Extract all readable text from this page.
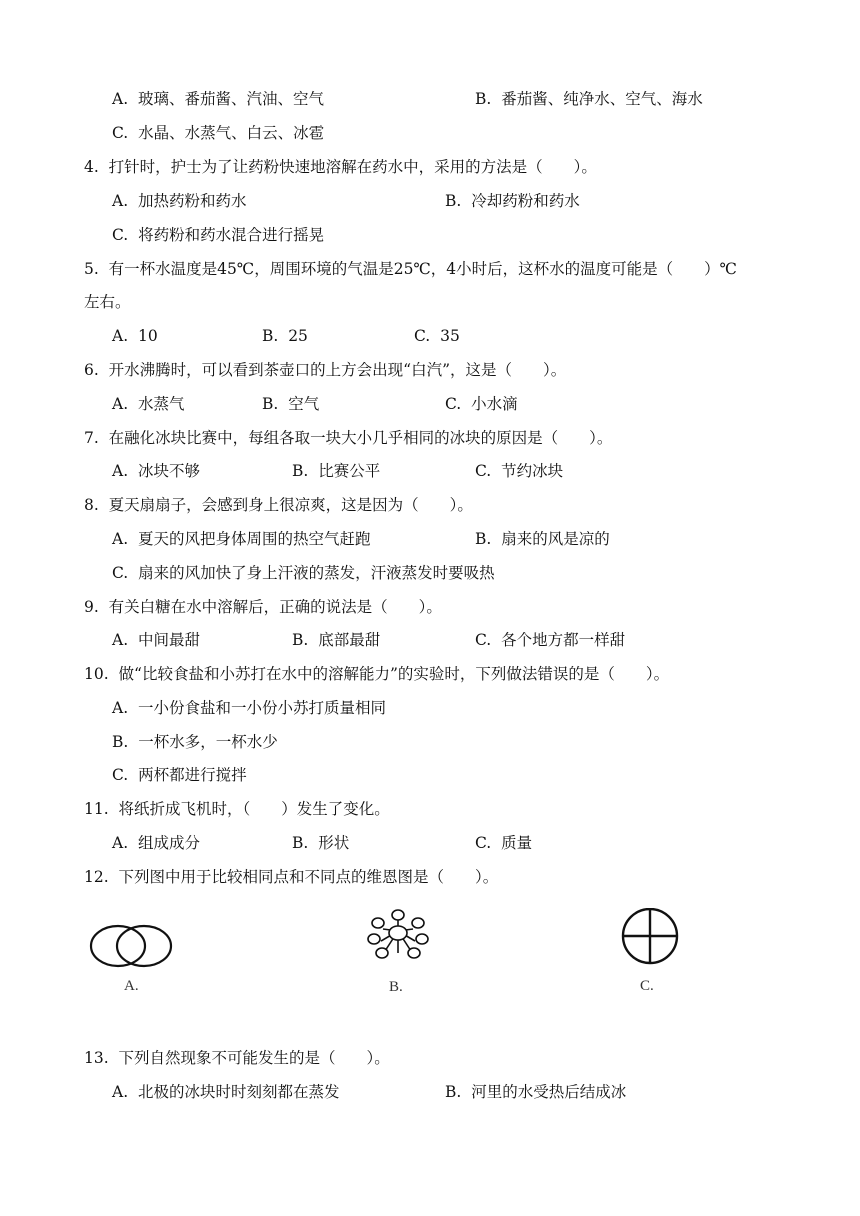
A. 玻璃、番茄酱、汽油、空气	B. 番茄酱、纯净水、空气、海水
C. 水晶、水蒸气、白云、冰雹
4. 打针时，护士为了让药粉快速地溶解在药水中，采用的方法是（　　）。
A. 加热药粉和药水	B. 冷却药粉和药水
C. 将药粉和药水混合进行摇晃
5. 有一杯水温度是45℃，周围环境的气温是25℃，4小时后，这杯水的温度可能是（　　）℃
左右。
A. 10	B. 25	C. 35
6. 开水沸腾时，可以看到茶壶口的上方会出现“白汽”，这是（　　）。
A. 水蒸气	B. 空气	C. 小水滴
7. 在融化冰块比赛中，每组各取一块大小几乎相同的冰块的原因是（　　）。
A. 冰块不够	B. 比赛公平	C. 节约冰块
8. 夏天扇扇子，会感到身上很凉爽，这是因为（　　）。
A. 夏天的风把身体周围的热空气赶跑	B. 扇来的风是凉的
C. 扇来的风加快了身上汗液的蒸发，汗液蒸发时要吸热
9. 有关白糖在水中溶解后，正确的说法是（　　）。
A. 中间最甜	B. 底部最甜	C. 各个地方都一样甜
10. 做“比较食盐和小苏打在水中的溶解能力”的实验时，下列做法错误的是（　　）。
A. 一小份食盐和一小份小苏打质量相同
B. 一杯水多，一杯水少
C. 两杯都进行搅拌
11. 将纸折成飞机时，（　　）发生了变化。
A. 组成成分	B. 形状	C. 质量
12. 下列图中用于比较相同点和不同点的维恩图是（　　）。
A.	B.	C.
13. 下列自然现象不可能发生的是（　　）。
A. 北极的冰块时时刻刻都在蒸发	B. 河里的水受热后结成冰
